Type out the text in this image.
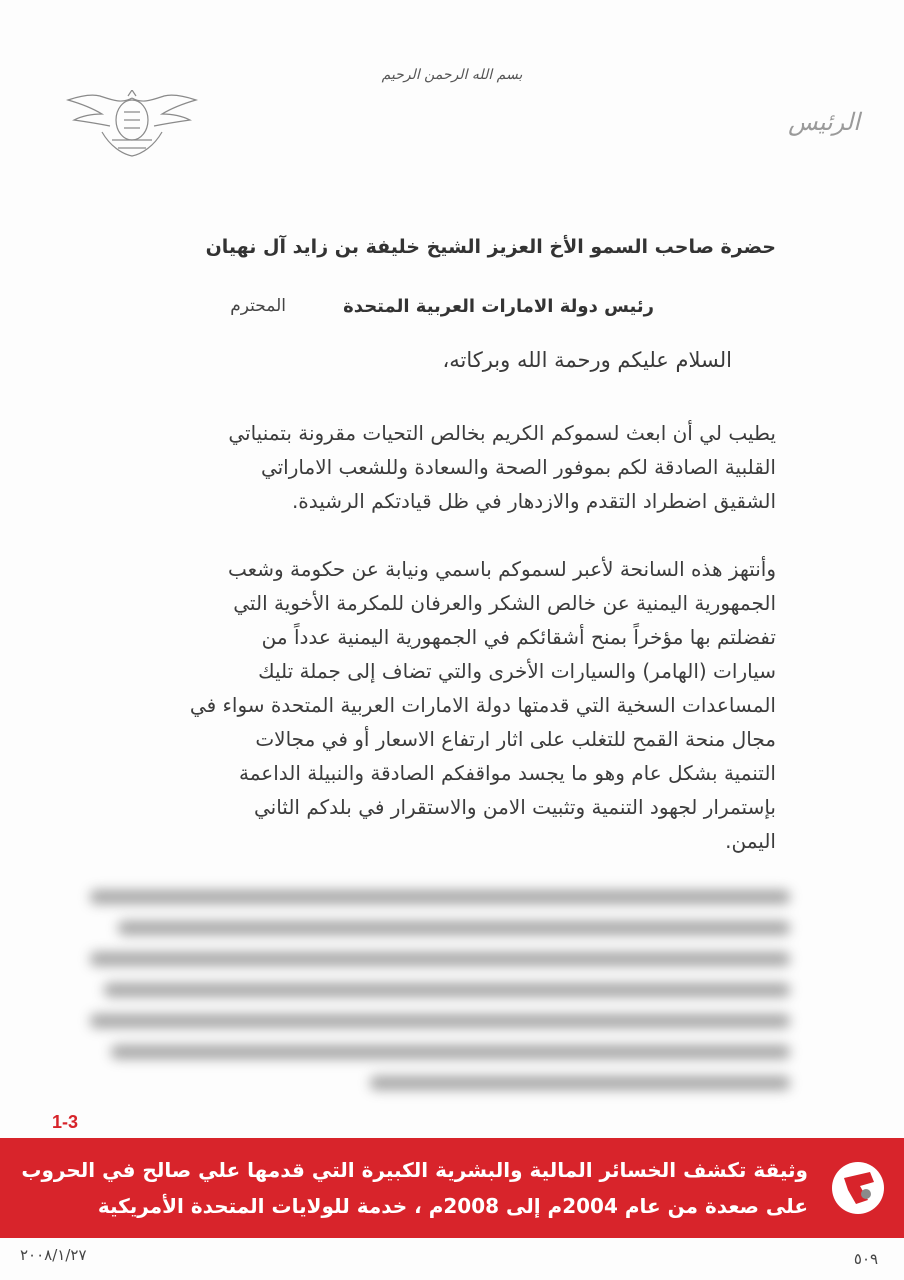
بسم الله الرحمن الرحيم
الرئيس
حضرة صاحب السمو الأخ العزيز الشيخ خليفة بن زايد آل نهيان
رئيس دولة الامارات العربية المتحدة
المحترم
السلام عليكم ورحمة الله وبركاته،
يطيب لي أن ابعث لسموكم الكريم بخالص التحيات مقرونة بتمنياتي
القلبية الصادقة لكم بموفور الصحة والسعادة وللشعب الاماراتي
الشقيق اضطراد التقدم والازدهار في ظل قيادتكم الرشيدة.
وأنتهز هذه السانحة لأعبر لسموكم باسمي ونيابة عن حكومة وشعب
الجمهورية اليمنية عن خالص الشكر والعرفان للمكرمة الأخوية التي
تفضلتم بها مؤخراً بمنح أشقائكم في الجمهورية اليمنية عدداً من
سيارات (الهامر) والسيارات الأخرى والتي تضاف إلى جملة تليك
المساعدات السخية التي قدمتها دولة الامارات العربية المتحدة سواء في
مجال منحة القمح للتغلب على اثار ارتفاع الاسعار أو في مجالات
التنمية بشكل عام وهو ما يجسد مواقفكم الصادقة والنبيلة الداعمة
بإستمرار لجهود التنمية وتثبيت الامن والاستقرار في بلدكم الثاني
اليمن.
1-3
وثيقة تكشف الخسائر المالية والبشرية الكبيرة التي قدمها علي صالح في الحروب
على صعدة من عام 2004م إلى 2008م ، خدمة للولايات المتحدة الأمريكية
٢٠٠٨/١/٢٧	٥٠٩
